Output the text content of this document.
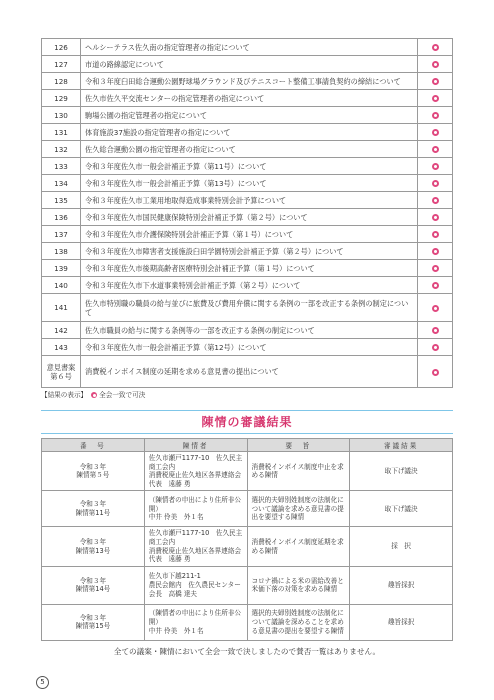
126	ヘルシーテラス佐久南の指定管理者の指定について	
127	市道の路線認定について	
128	令和３年度臼田総合運動公園野球場グラウンド及びテニスコート整備工事請負契約の締結について	
129	佐久市佐久平交流センターの指定管理者の指定について	
130	駒場公園の指定管理者の指定について	
131	体育施設37施設の指定管理者の指定について	
132	佐久総合運動公園の指定管理者の指定について	
133	令和３年度佐久市一般会計補正予算（第11号）について	
134	令和３年度佐久市一般会計補正予算（第13号）について	
135	令和３年度佐久市工業用地取得造成事業特別会計予算について	
136	令和３年度佐久市国民健康保険特別会計補正予算（第２号）について	
137	令和３年度佐久市介護保険特別会計補正予算（第１号）について	
138	令和３年度佐久市障害者支援施設臼田学園特別会計補正予算（第２号）について	
139	令和３年度佐久市後期高齢者医療特別会計補正予算（第１号）について	
140	令和３年度佐久市下水道事業特別会計補正予算（第２号）について	
141	佐久市特別職の職員の給与並びに旅費及び費用弁償に関する条例の一部を改正する条例の制定について	
142	佐久市職員の給与に関する条例等の一部を改正する条例の制定について	
143	令和３年度佐久市一般会計補正予算（第12号）について	
意見書案
第６号	消費税インボイス制度の延期を求める意見書の提出について	
【結果の表示】 全会一致で可決
陳情の審議結果
番　号	陳情者	要　旨	審議結果
令和３年
陳情第５号	佐久市瀬戸1177-10　佐久民主商工会内
消費税廃止佐久地区各界連絡会
代表　遠藤 勇	消費税インボイス制度中止を求める陳情	取下げ議決
令和３年
陳情第11号	（陳情者の申出により住所非公開）
中井 伶美　外１名	選択的夫婦別姓制度の法制化について議論を求める意見書の提出を要望する陳情	取下げ議決
令和３年
陳情第13号	佐久市瀬戸1177-10　佐久民主商工会内
消費税廃止佐久地区各界連絡会
代表　遠藤 勇	消費税インボイス制度延期を求める陳情	採　択
令和３年
陳情第14号	佐久市下越211-1
農民会館内　佐久農民センター
会長　高橋 達夫	コロナ禍による米の需給改善と米価下落の対策を求める陳情	趣旨採択
令和３年
陳情第15号	（陳情者の申出により住所非公開）
中井 伶美　外１名	選択的夫婦別姓制度の法制化について議論を深めることを求める意見書の提出を要望する陳情	趣旨採択
全ての議案・陳情において全会一致で決しましたので賛否一覧はありません。
5
